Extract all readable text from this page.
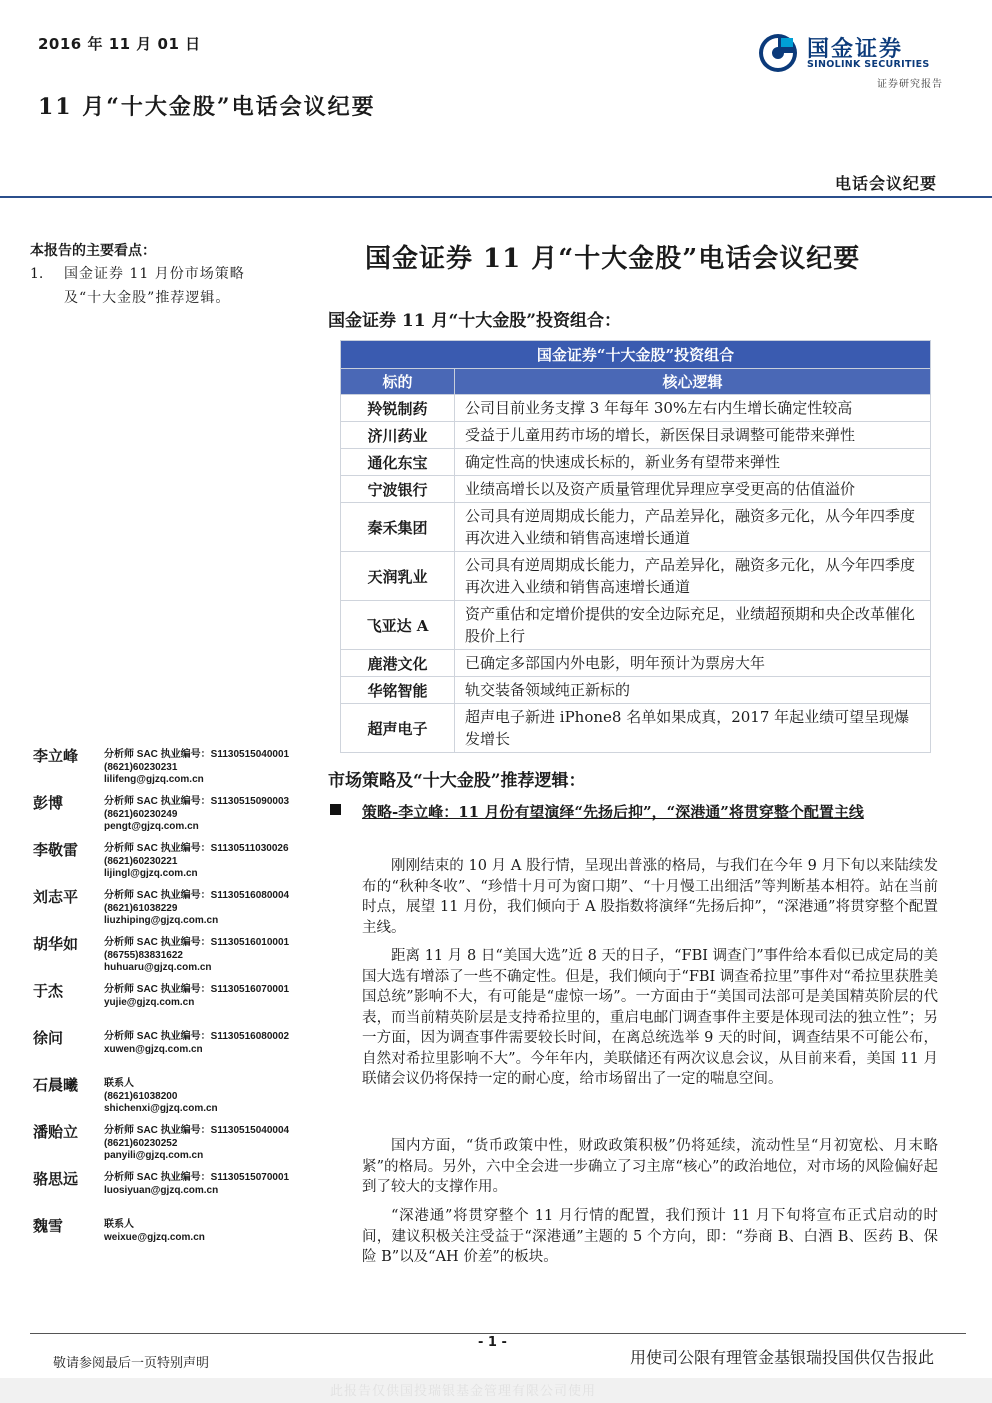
2016 年 11 月 01 日
11 月“十大金股”电话会议纪要
国金证券
SINOLINK SECURITIES
证券研究报告
电话会议纪要
本报告的主要看点：
1.	国金证券 11 月份市场策略及“十大金股”推荐逻辑。
国金证券 11 月“十大金股”电话会议纪要
国金证券 11 月“十大金股”投资组合：
国金证券“十大金股”投资组合	
标的	核心逻辑
羚锐制药	公司目前业务支撑 3 年每年 30%左右内生增长确定性较高
济川药业	受益于儿童用药市场的增长，新医保目录调整可能带来弹性
通化东宝	确定性高的快速成长标的，新业务有望带来弹性
宁波银行	业绩高增长以及资产质量管理优异理应享受更高的估值溢价
秦禾集团	公司具有逆周期成长能力，产品差异化，融资多元化，从今年四季度再次进入业绩和销售高速增长通道
天润乳业	公司具有逆周期成长能力，产品差异化，融资多元化，从今年四季度再次进入业绩和销售高速增长通道
飞亚达 A	资产重估和定增价提供的安全边际充足，业绩超预期和央企改革催化股价上行
鹿港文化	已确定多部国内外电影，明年预计为票房大年
华铭智能	轨交装备领域纯正新标的
超声电子	超声电子新进 iPhone8 名单如果成真，2017 年起业绩可望呈现爆发增长
李立峰	分析师 SAC 执业编号：S1130515040001
(8621)60230231
lilifeng@gjzq.com.cn
彭博	分析师 SAC 执业编号：S1130515090003
(8621)60230249
pengt@gjzq.com.cn
李敬雷	分析师 SAC 执业编号：S1130511030026
(8621)60230221
lijingl@gjzq.com.cn
刘志平	分析师 SAC 执业编号：S1130516080004
(8621)61038229
liuzhiping@gjzq.com.cn
胡华如	分析师 SAC 执业编号：S1130516010001
(86755)83831622
huhuaru@gjzq.com.cn
于杰	分析师 SAC 执业编号：S1130516070001
yujie@gjzq.com.cn
徐问	分析师 SAC 执业编号：S1130516080002
xuwen@gjzq.com.cn
石晨曦	联系人
(8621)61038200
shichenxi@gjzq.com.cn
潘贻立	分析师 SAC 执业编号：S1130515040004
(8621)60230252
panyili@gjzq.com.cn
骆思远	分析师 SAC 执业编号：S1130515070001
luosiyuan@gjzq.com.cn
魏雪	联系人
weixue@gjzq.com.cn
市场策略及“十大金股”推荐逻辑：
策略-李立峰：11 月份有望演绎“先扬后抑”，“深港通”将贯穿整个配置主线

刚刚结束的 10 月 A 股行情，呈现出普涨的格局，与我们在今年 9 月下旬以来陆续发布的“秋种冬收”、“珍惜十月可为窗口期”、“十月慢工出细活”等判断基本相符。站在当前时点，展望 11 月份，我们倾向于 A 股指数将演绎“先扬后抑”，“深港通”将贯穿整个配置主线。

距离 11 月 8 日“美国大选”近 8 天的日子，“FBI 调查门”事件给本看似已成定局的美国大选有增添了一些不确定性。但是，我们倾向于“FBI 调查希拉里”事件对“希拉里获胜美国总统”影响不大，有可能是“虚惊一场”。一方面由于“美国司法部可是美国精英阶层的代表，而当前精英阶层是支持希拉里的，重启电邮门调查事件主要是体现司法的独立性”；另一方面，因为调查事件需要较长时间，在离总统选举 9 天的时间，调查结果不可能公布，自然对希拉里影响不大”。今年年内，美联储还有两次议息会议，从目前来看，美国 11 月联储会议仍将保持一定的耐心度，给市场留出了一定的喘息空间。

国内方面，“货币政策中性，财政政策积极”仍将延续，流动性呈“月初宽松、月末略紧”的格局。另外，六中全会进一步确立了习主席“核心”的政治地位，对市场的风险偏好起到了较大的支撑作用。

“深港通”将贯穿整个 11 月行情的配置，我们预计 11 月下旬将宣布正式启动的时间，建议积极关注受益于“深港通”主题的 5 个方向，即：“券商 B、白酒 B、医药 B、保险 B”以及“AH 价差”的板块。

- 1 -
敬请参阅最后一页特别声明	用使司公限有理管金基银瑞投国供仅告报此
此报告仅供国投瑞银基金管理有限公司使用
